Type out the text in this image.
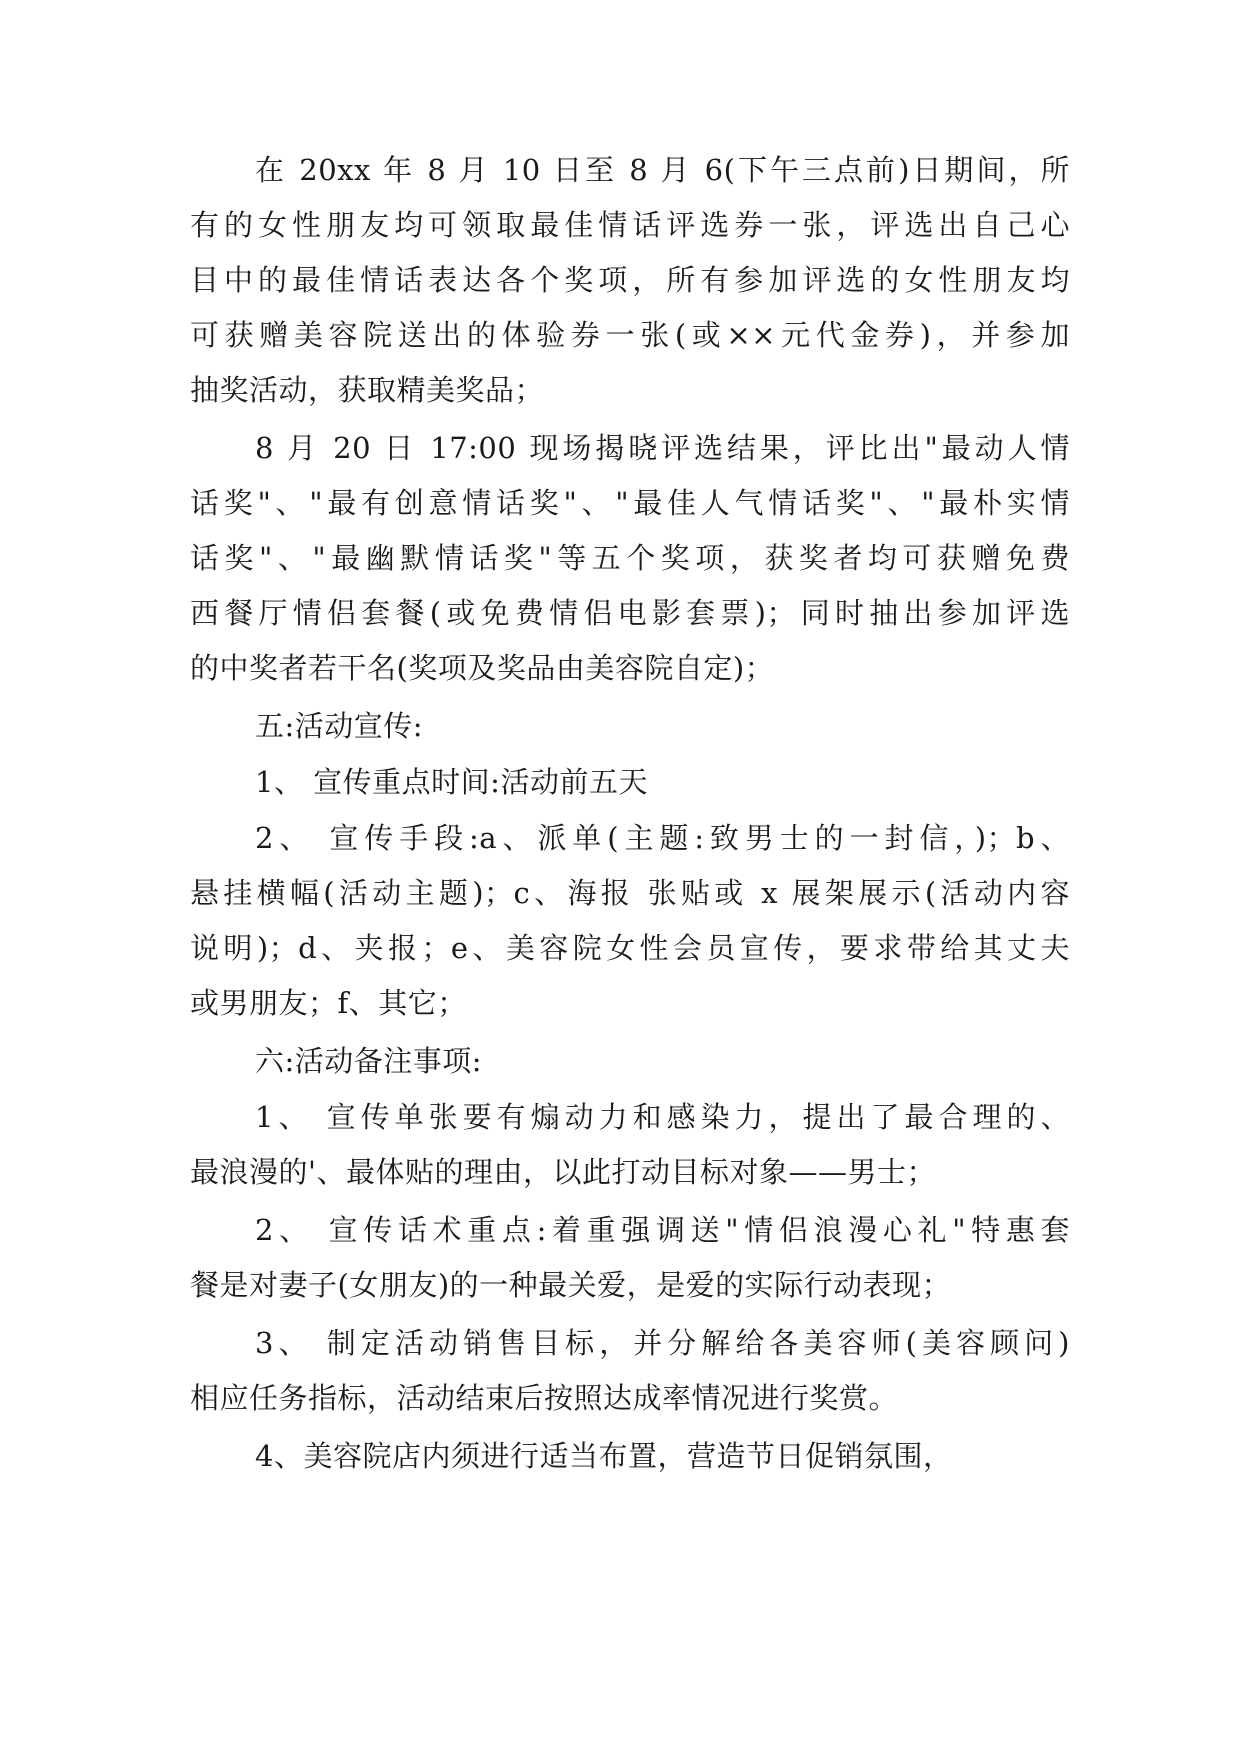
在 20xx 年 8 月 10 日至 8 月 6(下午三点前)日期间，所
有的女性朋友均可领取最佳情话评选券一张，评选出自己心
目中的最佳情话表达各个奖项，所有参加评选的女性朋友均
可获赠美容院送出的体验券一张(或××元代金券)，并参加
抽奖活动，获取精美奖品；
8 月 20 日 17:00 现场揭晓评选结果，评比出"最动人情
话奖"、"最有创意情话奖"、"最佳人气情话奖"、"最朴实情
话奖"、"最幽默情话奖"等五个奖项，获奖者均可获赠免费
西餐厅情侣套餐(或免费情侣电影套票)；同时抽出参加评选
的中奖者若干名(奖项及奖品由美容院自定)；
五:活动宣传:
1、 宣传重点时间:活动前五天
2、 宣传手段:a、派单(主题:致男士的一封信，)；b、
悬挂横幅(活动主题)；c、海报 张贴或 x 展架展示(活动内容
说明)；d、夹报；e、美容院女性会员宣传，要求带给其丈夫
或男朋友；f、其它；
六:活动备注事项:
1、 宣传单张要有煽动力和感染力，提出了最合理的、
最浪漫的'、最体贴的理由，以此打动目标对象——男士；
2、 宣传话术重点:着重强调送"情侣浪漫心礼"特惠套
餐是对妻子(女朋友)的一种最关爱，是爱的实际行动表现；
3、 制定活动销售目标，并分解给各美容师(美容顾问)
相应任务指标，活动结束后按照达成率情况进行奖赏。
4、美容院店内须进行适当布置，营造节日促销氛围，
